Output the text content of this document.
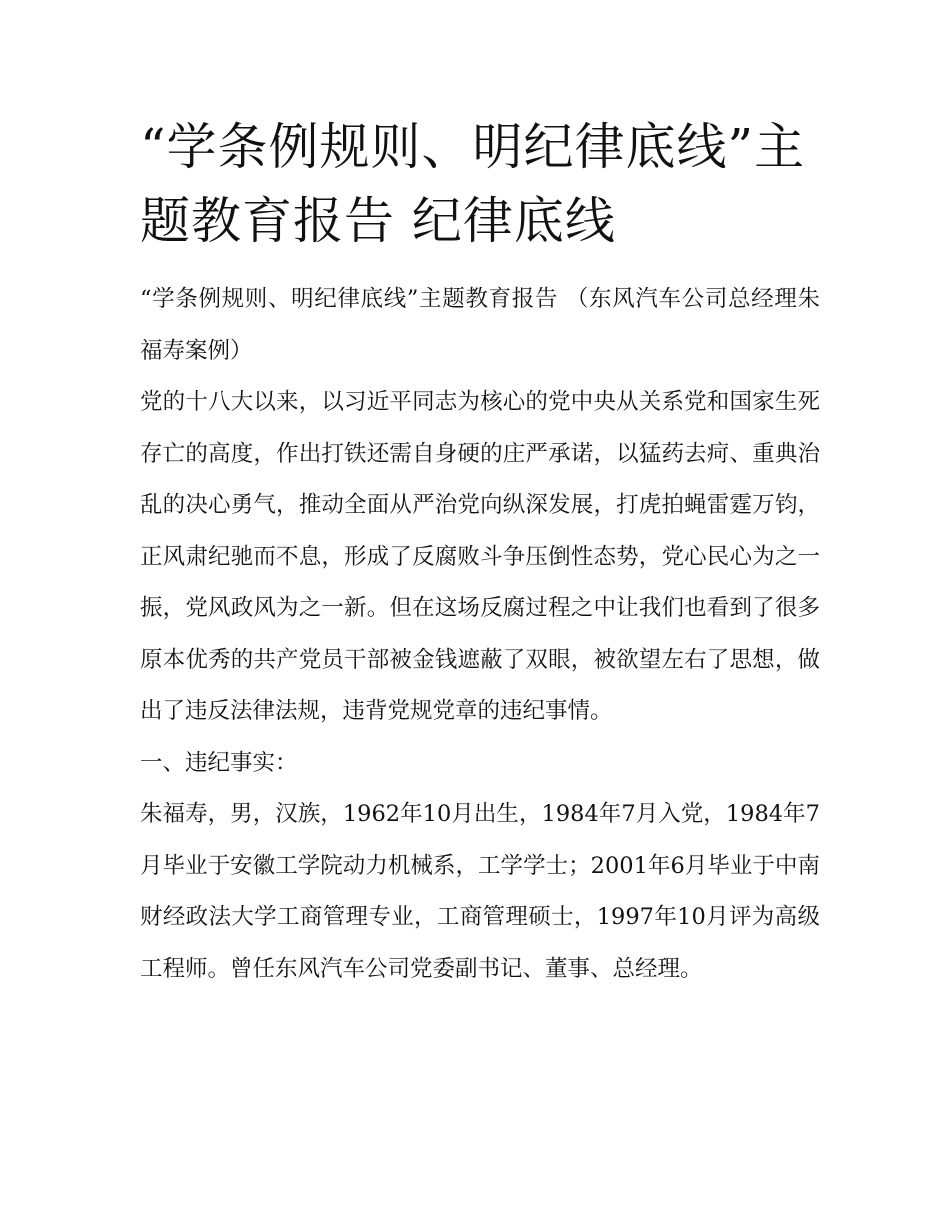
“学条例规则、明纪律底线”主题教育报告 纪律底线

“学条例规则、明纪律底线”主题教育报告 （东风汽车公司总经理朱福寿案例）

党的十八大以来，以习近平同志为核心的党中央从关系党和国家生死存亡的高度，作出打铁还需自身硬的庄严承诺，以猛药去疴、重典治乱的决心勇气，推动全面从严治党向纵深发展，打虎拍蝇雷霆万钧，正风肃纪驰而不息，形成了反腐败斗争压倒性态势，党心民心为之一振，党风政风为之一新。但在这场反腐过程之中让我们也看到了很多原本优秀的共产党员干部被金钱遮蔽了双眼，被欲望左右了思想，做出了违反法律法规，违背党规党章的违纪事情。

一、违纪事实：

朱福寿，男，汉族，1962年10月出生，1984年7月入党，1984年7月毕业于安徽工学院动力机械系，工学学士；2001年6月毕业于中南财经政法大学工商管理专业，工商管理硕士，1997年10月评为高级工程师。曾任东风汽车公司党委副书记、董事、总经理。
